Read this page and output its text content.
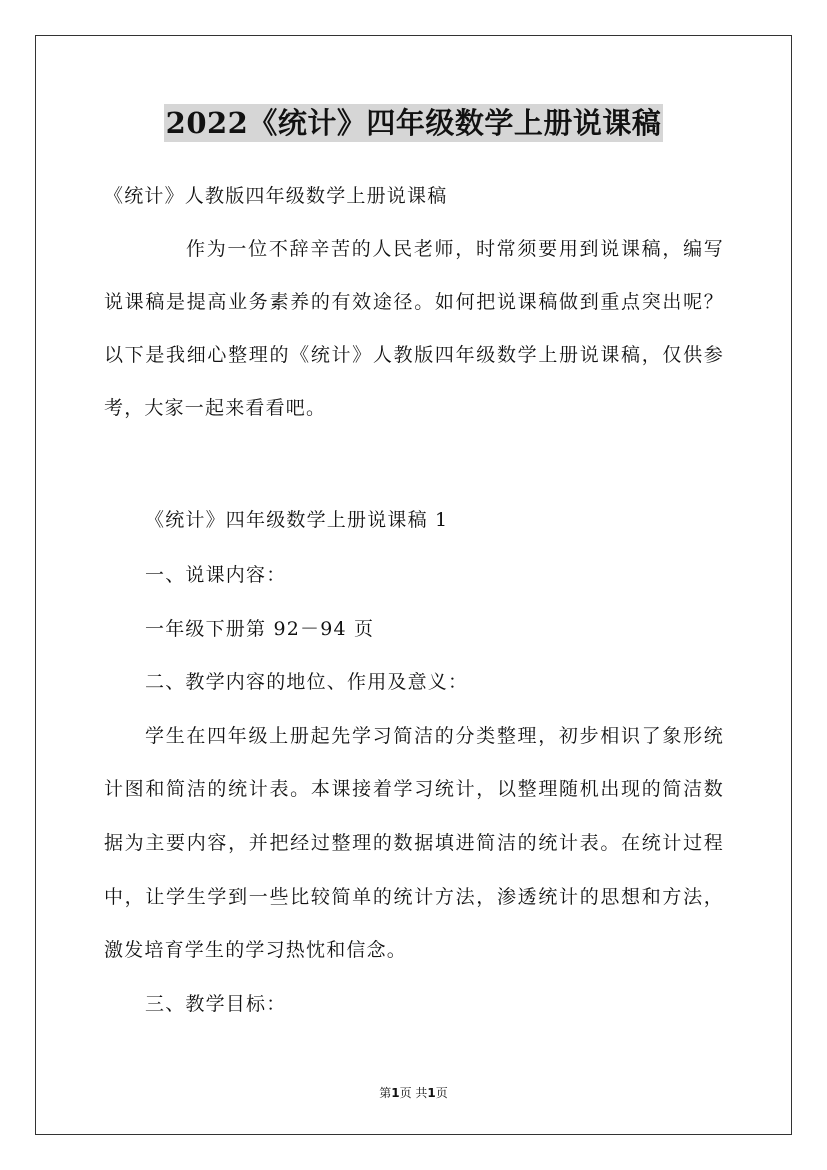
2022《统计》四年级数学上册说课稿
《统计》人教版四年级数学上册说课稿
作为一位不辞辛苦的人民老师，时常须要用到说课稿，编写
说课稿是提高业务素养的有效途径。如何把说课稿做到重点突出呢？
以下是我细心整理的《统计》人教版四年级数学上册说课稿，仅供参
考，大家一起来看看吧。
《统计》四年级数学上册说课稿 1
一、说课内容：
一年级下册第 92－94 页
二、教学内容的地位、作用及意义：
学生在四年级上册起先学习简洁的分类整理，初步相识了象形统
计图和简洁的统计表。本课接着学习统计，以整理随机出现的简洁数
据为主要内容，并把经过整理的数据填进简洁的统计表。在统计过程
中，让学生学到一些比较简单的统计方法，渗透统计的思想和方法，
激发培育学生的学习热忱和信念。
三、教学目标：
第1页 共1页
